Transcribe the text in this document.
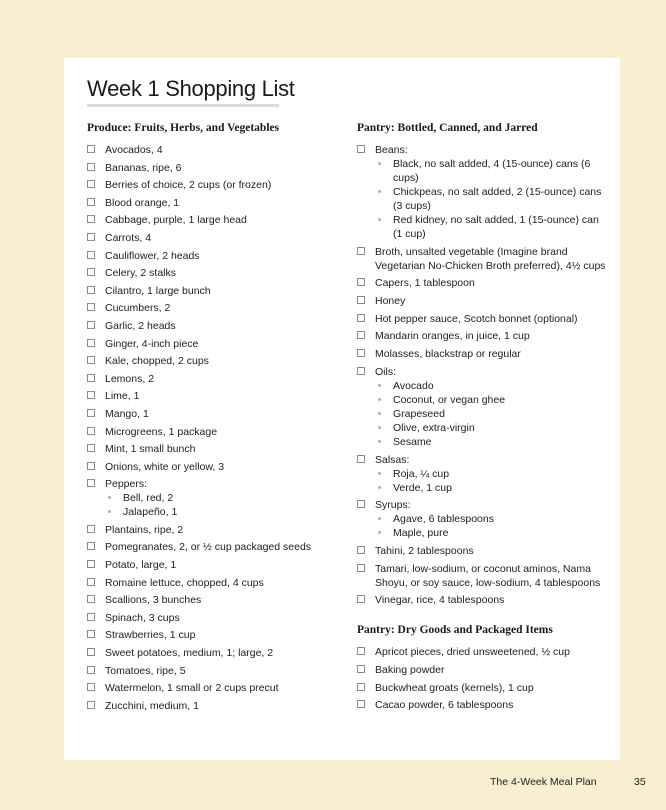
Week 1 Shopping List
Produce: Fruits, Herbs, and Vegetables
Avocados, 4
Bananas, ripe, 6
Berries of choice, 2 cups (or frozen)
Blood orange, 1
Cabbage, purple, 1 large head
Carrots, 4
Cauliflower, 2 heads
Celery, 2 stalks
Cilantro, 1 large bunch
Cucumbers, 2
Garlic, 2 heads
Ginger, 4-inch piece
Kale, chopped, 2 cups
Lemons, 2
Lime, 1
Mango, 1
Microgreens, 1 package
Mint, 1 small bunch
Onions, white or yellow, 3
Peppers:
Bell, red, 2
Jalapeño, 1
Plantains, ripe, 2
Pomegranates, 2, or ½ cup packaged seeds
Potato, large, 1
Romaine lettuce, chopped, 4 cups
Scallions, 3 bunches
Spinach, 3 cups
Strawberries, 1 cup
Sweet potatoes, medium, 1; large, 2
Tomatoes, ripe, 5
Watermelon, 1 small or 2 cups precut
Zucchini, medium, 1
Pantry: Bottled, Canned, and Jarred
Beans:
Black, no salt added, 4 (15-ounce) cans (6 cups)
Chickpeas, no salt added, 2 (15-ounce) cans (3 cups)
Red kidney, no salt added, 1 (15-ounce) can (1 cup)
Broth, unsalted vegetable (Imagine brand Vegetarian No-Chicken Broth preferred), 4½ cups
Capers, 1 tablespoon
Honey
Hot pepper sauce, Scotch bonnet (optional)
Mandarin oranges, in juice, 1 cup
Molasses, blackstrap or regular
Oils:
Avocado
Coconut, or vegan ghee
Grapeseed
Olive, extra-virgin
Sesame
Salsas:
Roja, ¼ cup
Verde, 1 cup
Syrups:
Agave, 6 tablespoons
Maple, pure
Tahini, 2 tablespoons
Tamari, low-sodium, or coconut aminos, Nama Shoyu, or soy sauce, low-sodium, 4 tablespoons
Vinegar, rice, 4 tablespoons
Pantry: Dry Goods and Packaged Items
Apricot pieces, dried unsweetened, ½ cup
Baking powder
Buckwheat groats (kernels), 1 cup
Cacao powder, 6 tablespoons
The 4-Week Meal Plan	35
